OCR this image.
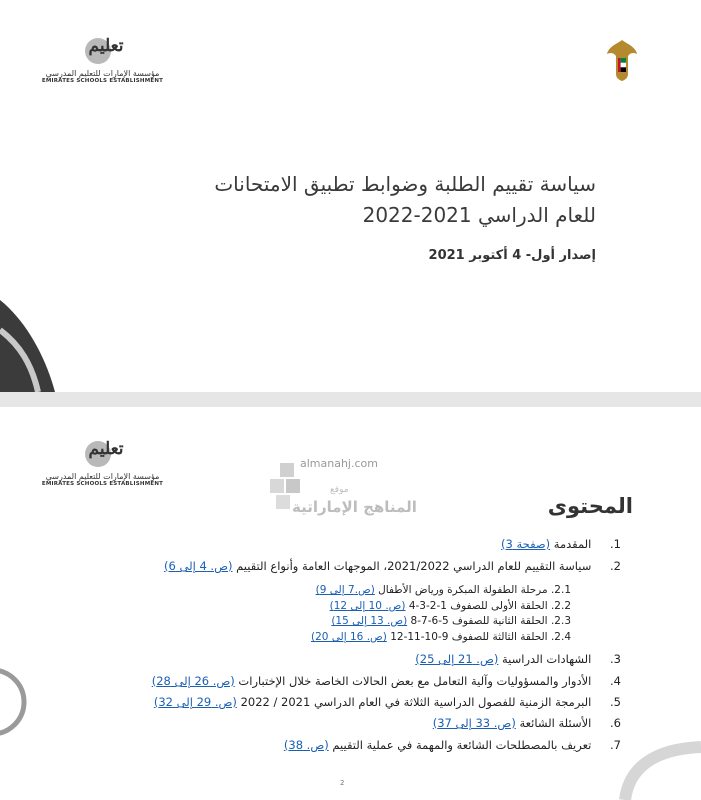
تعليم
مؤسسة الإمارات للتعليم المدرسي
EMIRATES SCHOOLS ESTABLISHMENT
سياسة تقييم الطلبة وضوابط تطبيق الامتحانات
للعام الدراسي 2021-2022
إصدار أول- 4 أكتوبر 2021
تعليم
مؤسسة الإمارات للتعليم المدرسي
EMIRATES SCHOOLS ESTABLISHMENT
almanahj.com
موقع
المناهج الإماراتية	المحتوى
1. المقدمة (صفحة 3)
2. سياسة التقييم للعام الدراسي 2021/2022، الموجهات العامة وأنواع التقييم (ص. 4 إلى 6)
2.1. مرحلة الطفولة المبكرة ورياض الأطفال (ص.7 إلى 9)
2.2. الحلقة الأولى للصفوف 1-2-3-4 (ص. 10 إلى 12)
2.3. الحلقة الثانية للصفوف 5-6-7-8 (ص. 13 إلى 15)
2.4. الحلقة الثالثة للصفوف 9-10-11-12 (ص. 16 إلى 20)
3. الشهادات الدراسية (ص. 21 إلى 25)
4. الأدوار والمسؤوليات وآلية التعامل مع بعض الحالات الخاصة خلال الإختبارات (ص. 26 إلى 28)
5. البرمجة الزمنية للفصول الدراسية الثلاثة في العام الدراسي 2021 / 2022 (ص. 29 إلى 32)
6. الأسئلة الشائعة (ص. 33 إلى 37)
7. تعريف بالمصطلحات الشائعة والمهمة في عملية التقييم (ص. 38)
2
